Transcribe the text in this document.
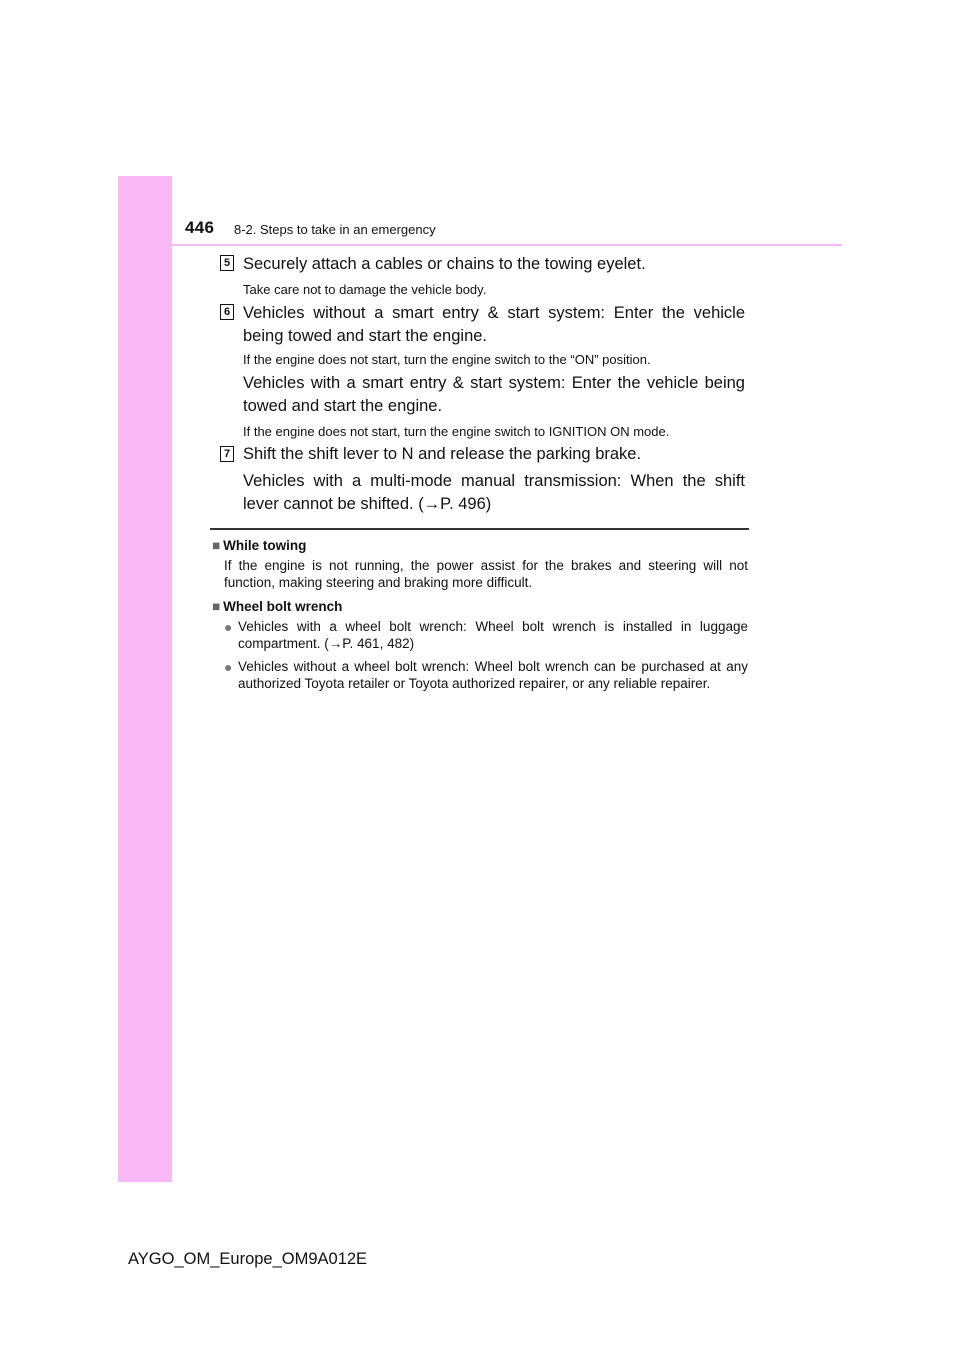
446 8-2. Steps to take in an emergency
5 Securely attach a cables or chains to the towing eyelet.
Take care not to damage the vehicle body.
6 Vehicles without a smart entry & start system: Enter the vehicle being towed and start the engine.
If the engine does not start, turn the engine switch to the “ON” position.
Vehicles with a smart entry & start system: Enter the vehicle being towed and start the engine.
If the engine does not start, turn the engine switch to IGNITION ON mode.
7 Shift the shift lever to N and release the parking brake.
Vehicles with a multi-mode manual transmission: When the shift lever cannot be shifted. (→P. 496)
■ While towing
If the engine is not running, the power assist for the brakes and steering will not function, making steering and braking more difficult.
■ Wheel bolt wrench
● Vehicles with a wheel bolt wrench: Wheel bolt wrench is installed in luggage compartment. (→P. 461, 482)
● Vehicles without a wheel bolt wrench: Wheel bolt wrench can be purchased at any authorized Toyota retailer or Toyota authorized repairer, or any reliable repairer.
AYGO_OM_Europe_OM9A012E
